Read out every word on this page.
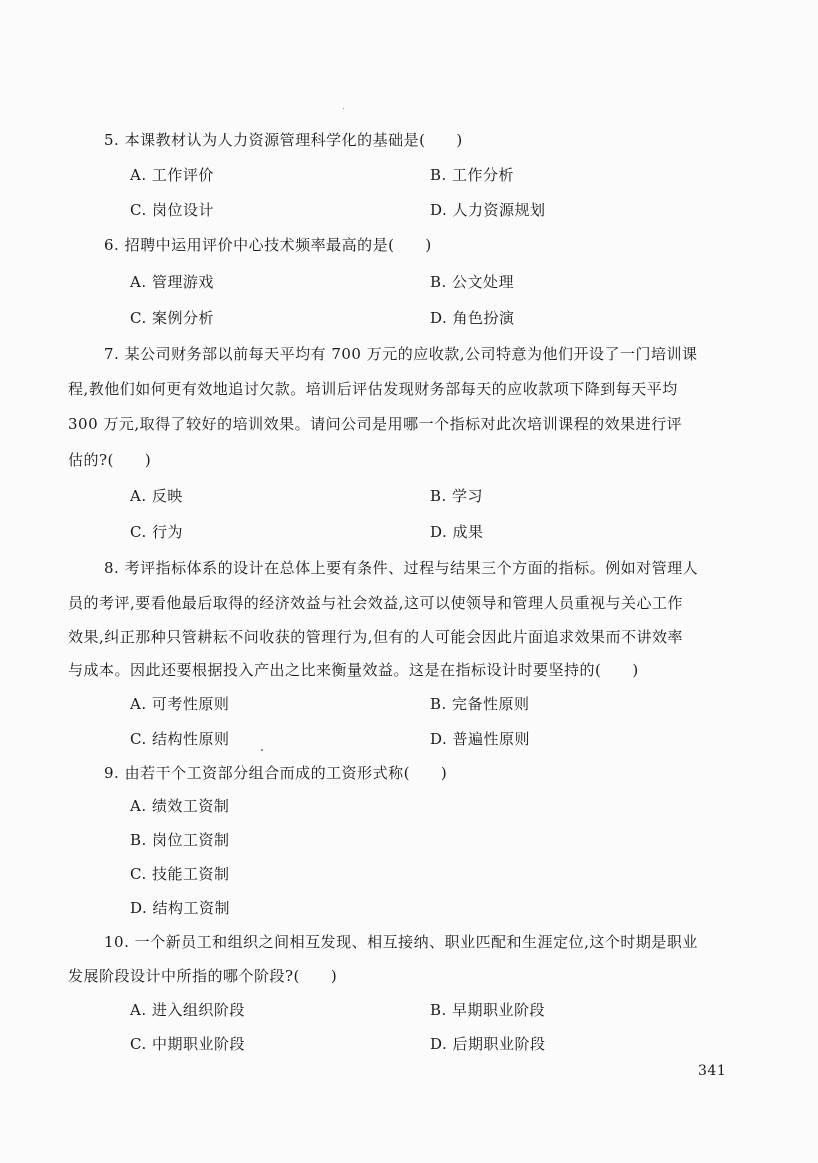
5. 本课教材认为人力资源管理科学化的基础是(　　)
A. 工作评价	B. 工作分析
C. 岗位设计	D. 人力资源规划
6. 招聘中运用评价中心技术频率最高的是(　　)
A. 管理游戏	B. 公文处理
C. 案例分析	D. 角色扮演
7. 某公司财务部以前每天平均有 700 万元的应收款,公司特意为他们开设了一门培训课
程,教他们如何更有效地追讨欠款。培训后评估发现财务部每天的应收款项下降到每天平均
300 万元,取得了较好的培训效果。请问公司是用哪一个指标对此次培训课程的效果进行评
估的?(　　)
A. 反映	B. 学习
C. 行为	D. 成果
8. 考评指标体系的设计在总体上要有条件、过程与结果三个方面的指标。例如对管理人
员的考评,要看他最后取得的经济效益与社会效益,这可以使领导和管理人员重视与关心工作
效果,纠正那种只管耕耘不问收获的管理行为,但有的人可能会因此片面追求效果而不讲效率
与成本。因此还要根据投入产出之比来衡量效益。这是在指标设计时要坚持的(　　)
A. 可考性原则	B. 完备性原则
C. 结构性原则	D. 普遍性原则
9. 由若干个工资部分组合而成的工资形式称(　　)
A. 绩效工资制
B. 岗位工资制
C. 技能工资制
D. 结构工资制
10. 一个新员工和组织之间相互发现、相互接纳、职业匹配和生涯定位,这个时期是职业
发展阶段设计中所指的哪个阶段?(　　)
A. 进入组织阶段	B. 早期职业阶段
C. 中期职业阶段	D. 后期职业阶段
341
